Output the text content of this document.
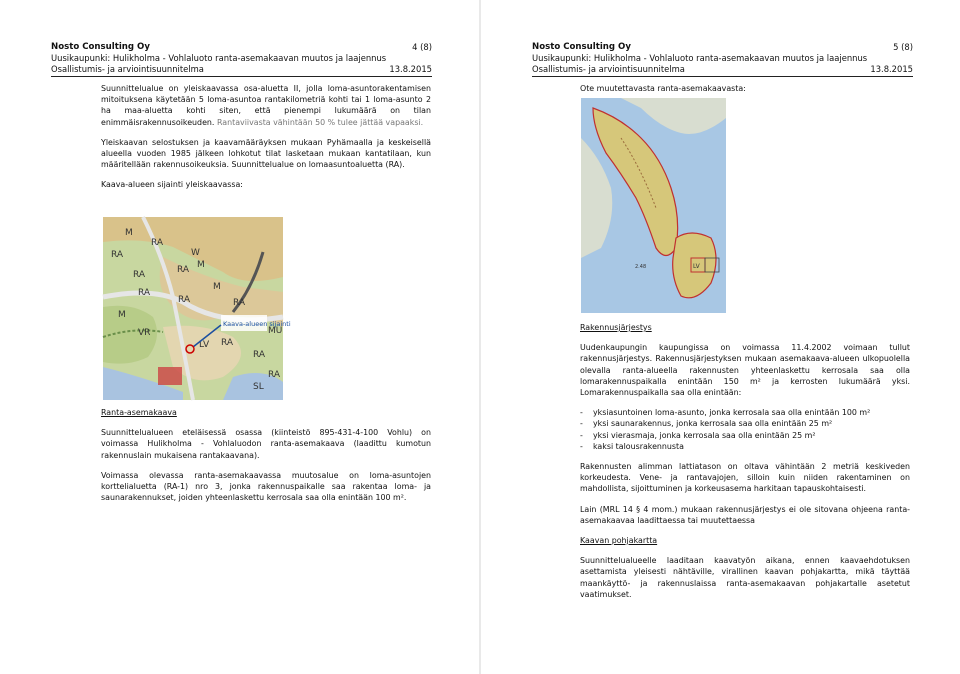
Nosto Consulting Oy	4 (8)
Uusikaupunki: Hulikholma - Vohlaluoto ranta-asemakaavan muutos ja laajennus
Osallistumis- ja arviointisuunnitelma	13.8.2015

Suunnittelualue on yleiskaavassa osa-aluetta II, jolla loma-asuntorakentamisen mitoituksena käytetään 5 loma-asuntoa rantakilometriä kohti tai 1 loma-asunto 2 ha maa-aluetta kohti siten, että pienempi lukumäärä on tilan enimmäisrakennusoikeuden. Rantaviivasta vähintään 50 % tulee jättää vapaaksi.

Yleiskaavan selostuksen ja kaavamääräyksen mukaan Pyhämaalla ja keskeisellä alueella vuoden 1985 jälkeen lohkotut tilat lasketaan mukaan kantatilaan, kun määritellään rakennusoikeuksia. Suunnittelualue on lomaasuntoaluetta (RA).

Kaava-alueen sijainti yleiskaavassa:

M
RA
RA	W
RA M
RA
RA
M
RA	RA
VR
M
MU
LV RA
RA
SL
RA
Kaava-alueen sijainti

Ranta-asemakaava

Suunnittelualueen eteläisessä osassa (kiinteistö 895-431-4-100 Vohlu) on voimassa Hulikholma - Vohlaluodon ranta-asemakaava (laadittu kumotun rakennuslain mukaisena rantakaavana).

Voimassa olevassa ranta-asemakaavassa muutosalue on loma-asuntojen korttelialuetta (RA-1) nro 3, jonka rakennuspaikalle saa rakentaa loma- ja saunarakennukset, joiden yhteenlaskettu kerrosala saa olla enintään 100 m².

Nosto Consulting Oy	5 (8)
Uusikaupunki: Hulikholma - Vohlaluoto ranta-asemakaavan muutos ja laajennus
Osallistumis- ja arviointisuunnitelma	13.8.2015

Ote muutettavasta ranta-asemakaavasta:

LV
2.48

Rakennusjärjestys

Uudenkaupungin kaupungissa on voimassa 11.4.2002 voimaan tullut rakennusjärjestys. Rakennusjärjestyksen mukaan asemakaava-alueen ulkopuolella olevalla ranta-alueella rakennusten yhteenlaskettu kerrosala saa olla lomarakennuspaikalla enintään 150 m² ja kerrosten lukumäärä yksi. Lomarakennuspaikalla saa olla enintään:

- yksiasuntoinen loma-asunto, jonka kerrosala saa olla enintään 100 m²
- yksi saunarakennus, jonka kerrosala saa olla enintään 25 m²
- yksi vierasmaja, jonka kerrosala saa olla enintään 25 m²
- kaksi talousrakennusta

Rakennusten alimman lattiatason on oltava vähintään 2 metriä keskiveden korkeudesta. Vene- ja rantavajojen, silloin kuin niiden rakentaminen on mahdollista, sijoittuminen ja korkeusasema harkitaan tapauskohtaisesti.

Lain (MRL 14 § 4 mom.) mukaan rakennusjärjestys ei ole sitovana ohjeena ranta-asemakaavaa laadittaessa tai muutettaessa

Kaavan pohjakartta

Suunnittelualueelle laaditaan kaavatyön aikana, ennen kaavaehdotuksen asettamista yleisesti nähtäville, virallinen kaavan pohjakartta, mikä täyttää maankäyttö- ja rakennuslaissa ranta-asemakaavan pohjakartalle asetetut vaatimukset.
